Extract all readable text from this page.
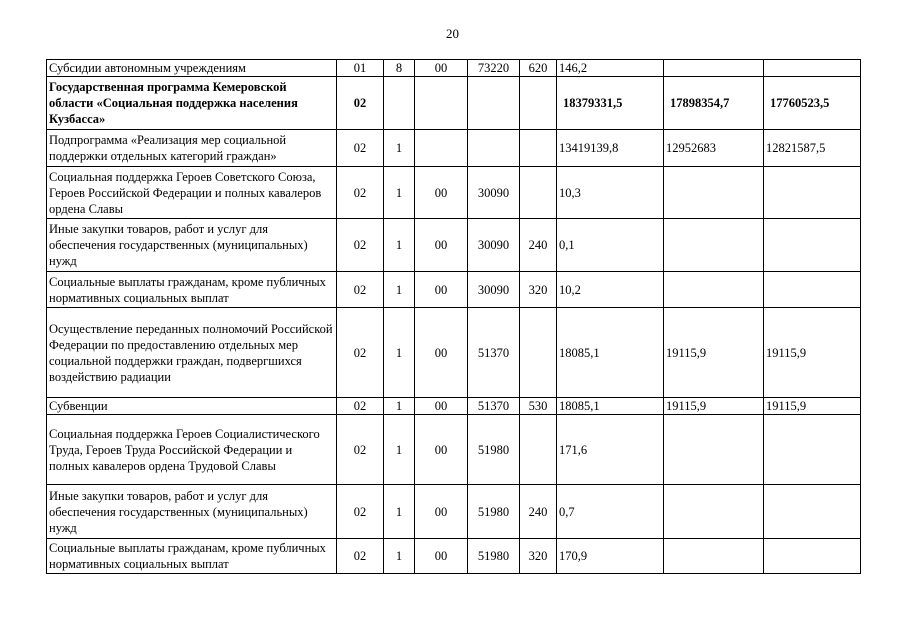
20
Субсидии автономным учреждениям	01	8	00	73220	620	146,2		
Государственная программа Кемеровской области «Социальная поддержка населения Кузбасса»	02					18379331,5	17898354,7	17760523,5
Подпрограмма «Реализация мер социальной поддержки отдельных категорий граждан»	02	1				13419139,8	12952683	12821587,5
Социальная поддержка Героев Советского Союза, Героев Российской Федерации и полных кавалеров ордена Славы	02	1	00	30090		10,3		
Иные закупки товаров, работ и услуг для обеспечения государственных (муниципальных) нужд	02	1	00	30090	240	0,1		
Социальные выплаты гражданам, кроме публичных нормативных социальных выплат	02	1	00	30090	320	10,2		
Осуществление переданных полномочий Российской Федерации по предоставлению отдельных мер социальной поддержки граждан, подвергшихся воздействию радиации	02	1	00	51370		18085,1	19115,9	19115,9
Субвенции	02	1	00	51370	530	18085,1	19115,9	19115,9
Социальная поддержка Героев Социалистического Труда, Героев Труда Российской Федерации и полных кавалеров ордена Трудовой Славы	02	1	00	51980		171,6		
Иные закупки товаров, работ и услуг для обеспечения государственных (муниципальных) нужд	02	1	00	51980	240	0,7		
Социальные выплаты гражданам, кроме публичных нормативных социальных выплат	02	1	00	51980	320	170,9		
